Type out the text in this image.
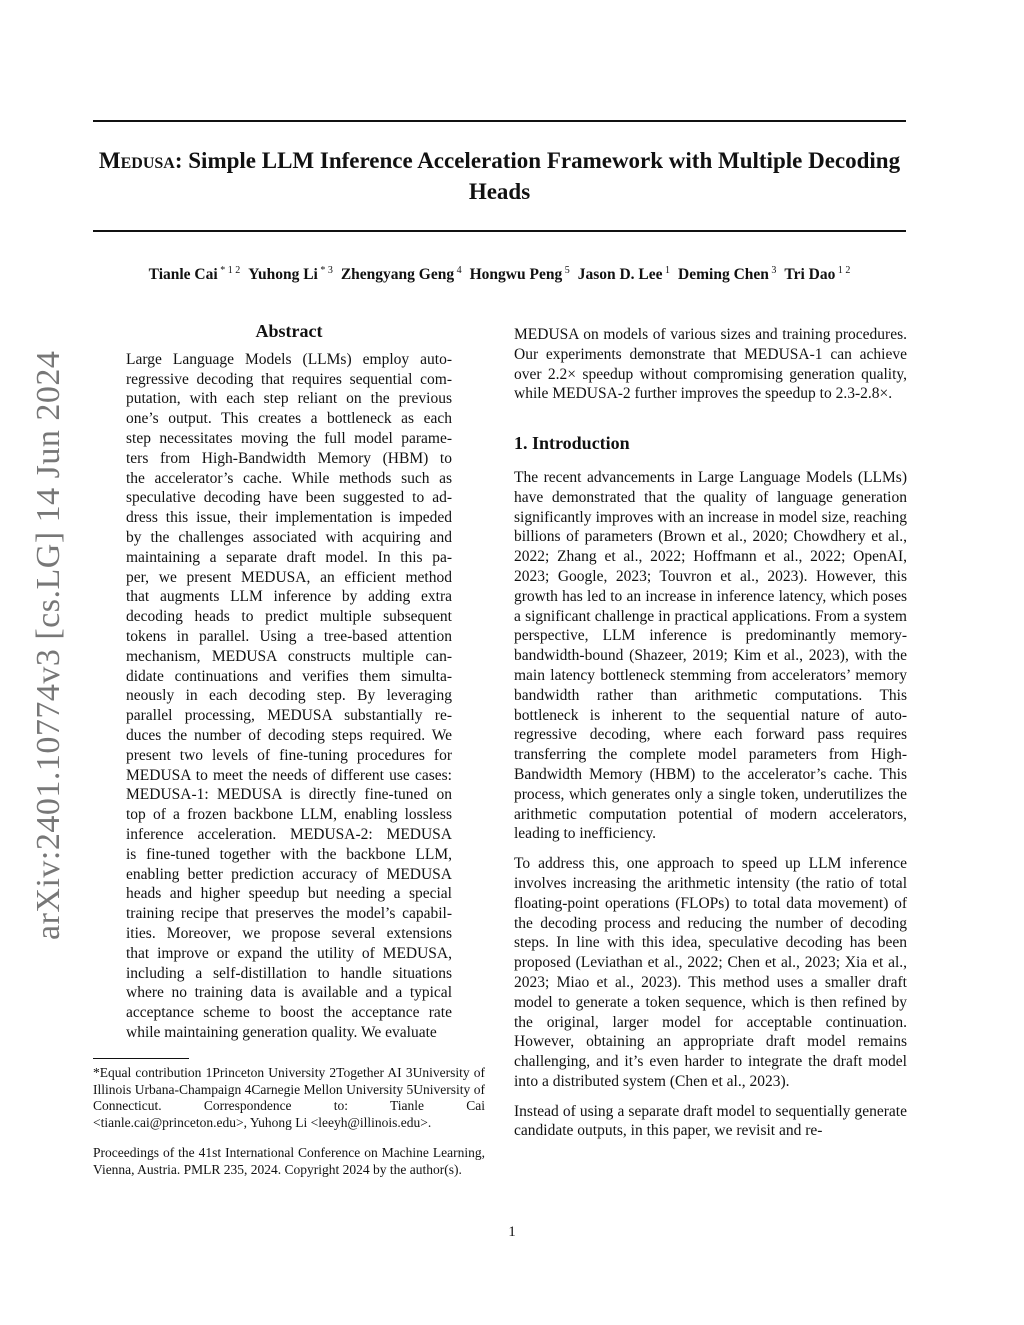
Medusa: Simple LLM Inference Acceleration Framework with Multiple Decoding Heads
Tianle Cai $^{* 1 2}$ Yuhong Li $^{* 3}$ Zhengyang Geng $^4$ Hongwu Peng $^5$ Jason D. Lee $^1$ Deming Chen $^3$ Tri Dao $^{1 2}$
arXiv:2401.10774v3 [cs.LG] 14 Jun 2024
Abstract
Large Language Models (LLMs) employ auto-
regressive decoding that requires sequential com-
putation, with each step reliant on the previous
one’s output. This creates a bottleneck as each
step necessitates moving the full model parame-
ters from High-Bandwidth Memory (HBM) to
the accelerator’s cache. While methods such as
speculative decoding have been suggested to ad-
dress this issue, their implementation is impeded
by the challenges associated with acquiring and
maintaining a separate draft model. In this pa-
per, we present MEDUSA, an efficient method
that augments LLM inference by adding extra
decoding heads to predict multiple subsequent
tokens in parallel. Using a tree-based attention
mechanism, MEDUSA constructs multiple can-
didate continuations and verifies them simulta-
neously in each decoding step. By leveraging
parallel processing, MEDUSA substantially re-
duces the number of decoding steps required. We
present two levels of fine-tuning procedures for
MEDUSA to meet the needs of different use cases:
MEDUSA-1: MEDUSA is directly fine-tuned on
top of a frozen backbone LLM, enabling lossless
inference acceleration. MEDUSA-2: MEDUSA
is fine-tuned together with the backbone LLM,
enabling better prediction accuracy of MEDUSA
heads and higher speedup but needing a special
training recipe that preserves the model’s capabil-
ities. Moreover, we propose several extensions
that improve or expand the utility of MEDUSA,
including a self-distillation to handle situations
where no training data is available and a typical
acceptance scheme to boost the acceptance rate
while maintaining generation quality. We evaluate

MEDUSA on models of various sizes and training procedures. Our experiments demonstrate that MEDUSA-1 can achieve over 2.2× speedup without compromising generation quality, while MEDUSA-2 further improves the speedup to 2.3-2.8×.

1. Introduction

The recent advancements in Large Language Models (LLMs) have demonstrated that the quality of language generation significantly improves with an increase in model size, reaching billions of parameters (Brown et al., 2020; Chowdhery et al., 2022; Zhang et al., 2022; Hoffmann et al., 2022; OpenAI, 2023; Google, 2023; Touvron et al., 2023). However, this growth has led to an increase in inference latency, which poses a significant challenge in practical applications. From a system perspective, LLM inference is predominantly memory-bandwidth-bound (Shazeer, 2019; Kim et al., 2023), with the main latency bottleneck stemming from accelerators’ memory bandwidth rather than arithmetic computations. This bottleneck is inherent to the sequential nature of auto-regressive decoding, where each forward pass requires transferring the complete model parameters from High-Bandwidth Memory (HBM) to the accelerator’s cache. This process, which generates only a single token, underutilizes the arithmetic computation potential of modern accelerators, leading to inefficiency.

To address this, one approach to speed up LLM inference involves increasing the arithmetic intensity (the ratio of total floating-point operations (FLOPs) to total data movement) of the decoding process and reducing the number of decoding steps. In line with this idea, speculative decoding has been proposed (Leviathan et al., 2022; Chen et al., 2023; Xia et al., 2023; Miao et al., 2023). This method uses a smaller draft model to generate a token sequence, which is then refined by the original, larger model for acceptable continuation. However, obtaining an appropriate draft model remains challenging, and it’s even harder to integrate the draft model into a distributed system (Chen et al., 2023).

Instead of using a separate draft model to sequentially generate candidate outputs, in this paper, we revisit and re-

*Equal contribution 1Princeton University 2Together AI 3University of Illinois Urbana-Champaign 4Carnegie Mellon University 5University of Connecticut. Correspondence to: Tianle Cai <tianle.cai@princeton.edu>, Yuhong Li <leeyh@illinois.edu>.

Proceedings of the 41st International Conference on Machine Learning, Vienna, Austria. PMLR 235, 2024. Copyright 2024 by the author(s).

1
